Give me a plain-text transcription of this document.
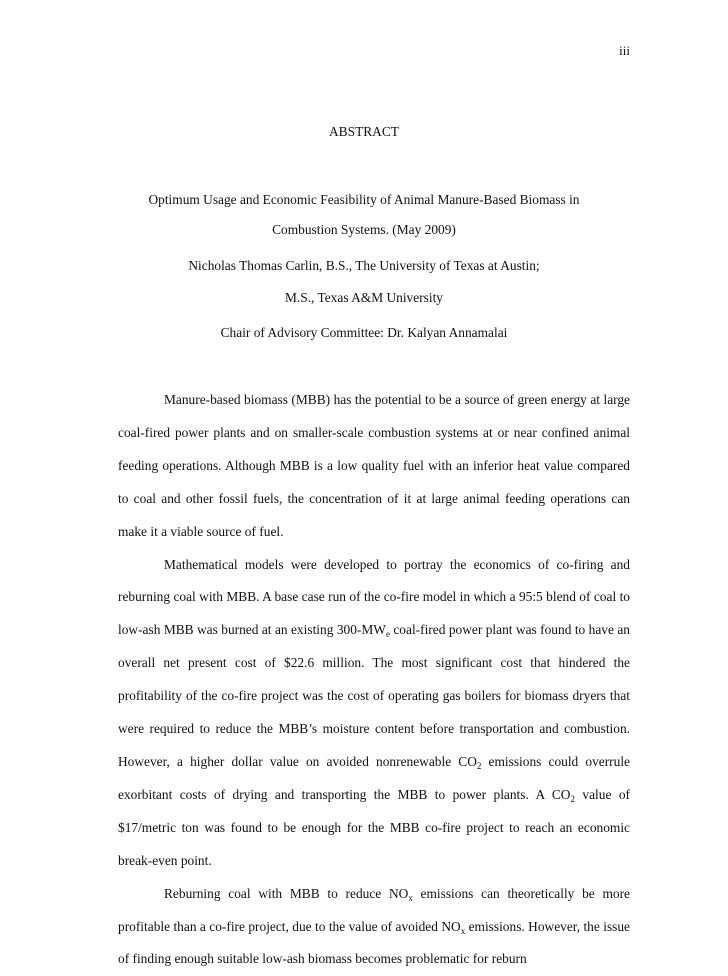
iii
ABSTRACT
Optimum Usage and Economic Feasibility of Animal Manure-Based Biomass in
Combustion Systems. (May 2009)
Nicholas Thomas Carlin, B.S., The University of Texas at Austin;
M.S., Texas A&M University
Chair of Advisory Committee: Dr. Kalyan Annamalai

Manure-based biomass (MBB) has the potential to be a source of green energy at large coal-fired power plants and on smaller-scale combustion systems at or near confined animal feeding operations. Although MBB is a low quality fuel with an inferior heat value compared to coal and other fossil fuels, the concentration of it at large animal feeding operations can make it a viable source of fuel.

Mathematical models were developed to portray the economics of co-firing and reburning coal with MBB. A base case run of the co-fire model in which a 95:5 blend of coal to low-ash MBB was burned at an existing $300-MW_e$ coal-fired power plant was found to have an overall net present cost of $22.6 million. The most significant cost that hindered the profitability of the co-fire project was the cost of operating gas boilers for biomass dryers that were required to reduce the MBB’s moisture content before transportation and combustion. However, a higher dollar value on avoided nonrenewable $CO_2$ emissions could overrule exorbitant costs of drying and transporting the MBB to power plants. A $CO_2$ value of $17/metric ton was found to be enough for the MBB co-fire project to reach an economic break-even point.

Reburning coal with MBB to reduce $NO_x$ emissions can theoretically be more profitable than a co-fire project, due to the value of avoided $NO_x$ emissions. However, the issue of finding enough suitable low-ash biomass becomes problematic for reburn
